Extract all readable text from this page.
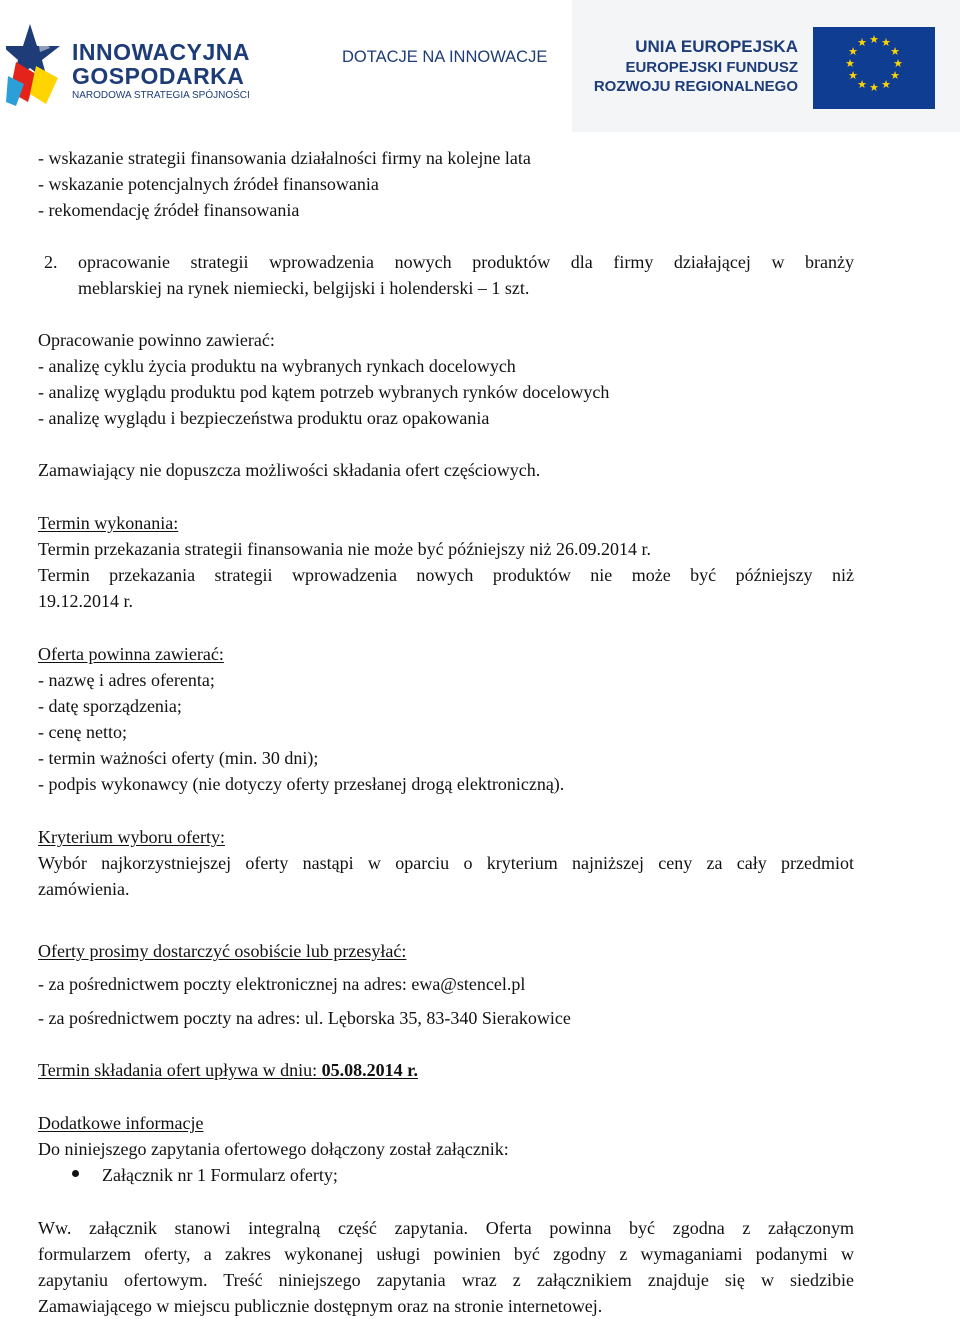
INNOWACYJNA
GOSPODARKA
NARODOWA STRATEGIA SPÓJNOŚCI
DOTACJE NA INNOWACJE
UNIA EUROPEJSKA
EUROPEJSKI FUNDUSZ
ROZWOJU REGIONALNEGO
★ ★
★
★
★
★
★
★
★
★
★
★
- wskazanie strategii finansowania działalności firmy na kolejne lata
- wskazanie potencjalnych źródeł finansowania
- rekomendację źródeł finansowania
2. opracowanie strategii wprowadzenia nowych produktów dla firmy działającej w branży
meblarskiej na rynek niemiecki, belgijski i holenderski – 1 szt.
Opracowanie powinno zawierać:
- analizę cyklu życia produktu na wybranych rynkach docelowych
- analizę wyglądu produktu pod kątem potrzeb wybranych rynków docelowych
- analizę wyglądu i bezpieczeństwa produktu oraz opakowania
Zamawiający nie dopuszcza możliwości składania ofert częściowych.
Termin wykonania:
Termin przekazania strategii finansowania nie może być późniejszy niż 26.09.2014 r.
Termin przekazania strategii wprowadzenia nowych produktów nie może być późniejszy niż
19.12.2014 r.
Oferta powinna zawierać:
- nazwę i adres oferenta;
- datę sporządzenia;
- cenę netto;
- termin ważności oferty (min. 30 dni);
- podpis wykonawcy (nie dotyczy oferty przesłanej drogą elektroniczną).
Kryterium wyboru oferty:
Wybór najkorzystniejszej oferty nastąpi w oparciu o kryterium najniższej ceny za cały przedmiot
zamówienia.
Oferty prosimy dostarczyć osobiście lub przesyłać:
- za pośrednictwem poczty elektronicznej na adres: ewa@stencel.pl
- za pośrednictwem poczty na adres: ul. Lęborska 35, 83-340 Sierakowice
Termin składania ofert upływa w dniu: 05.08.2014 r.
Dodatkowe informacje
Do niniejszego zapytania ofertowego dołączony został załącznik:
Załącznik nr 1 Formularz oferty;
Ww. załącznik stanowi integralną część zapytania. Oferta powinna być zgodna z załączonym
formularzem oferty, a zakres wykonanej usługi powinien być zgodny z wymaganiami podanymi w
zapytaniu ofertowym. Treść niniejszego zapytania wraz z załącznikiem znajduje się w siedzibie
Zamawiającego w miejscu publicznie dostępnym oraz na stronie internetowej.
